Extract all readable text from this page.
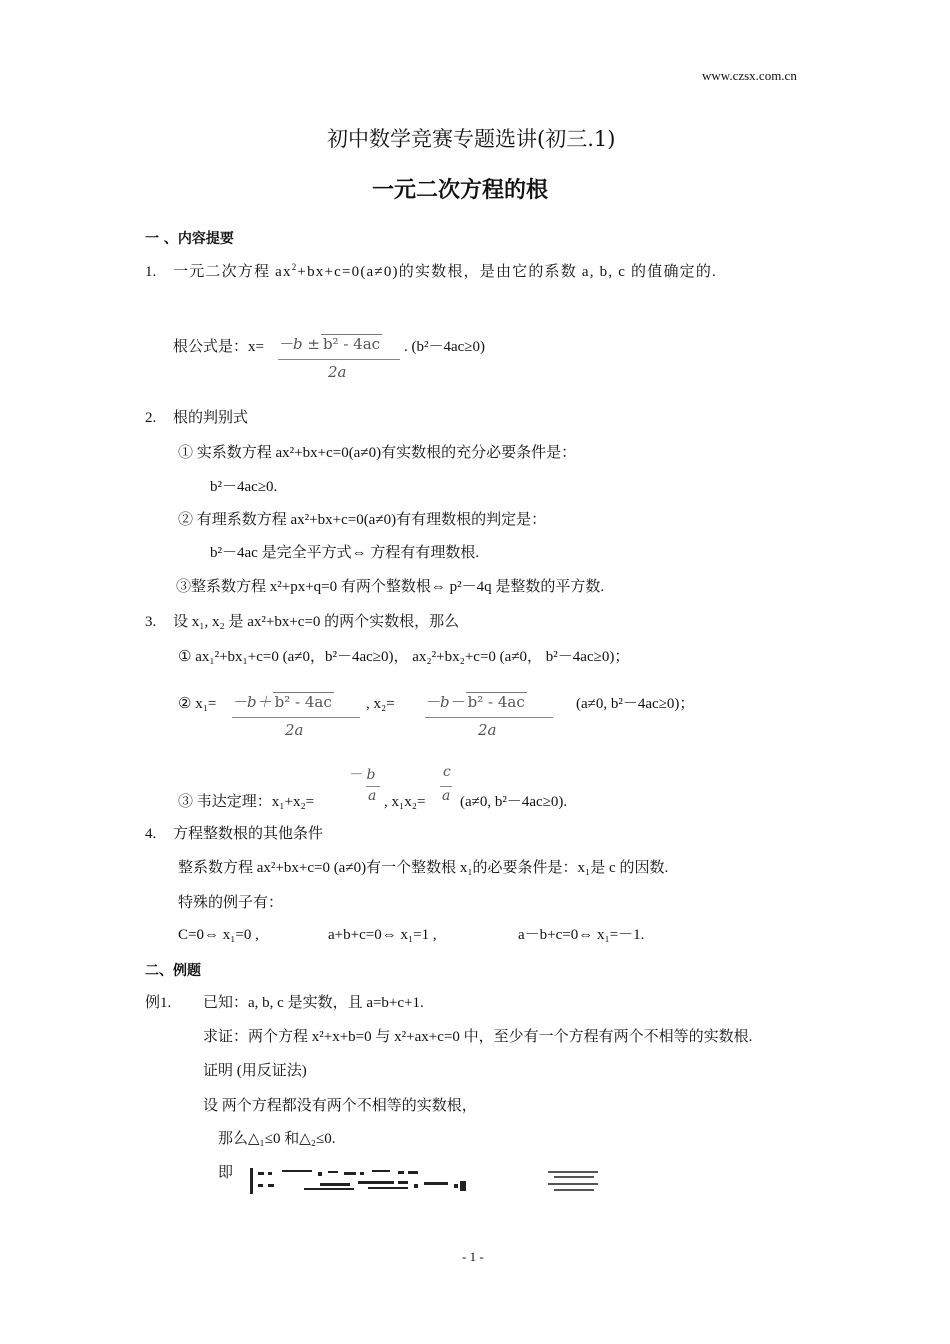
www.czsx.com.cn
初中数学竞赛专题选讲(初三.1)
一元二次方程的根
一 、内容提要
1. 一元二次方程 $ax^2+bx+c=0(a\ne 0)$的实数根，是由它的系数 a, b, c 的值确定的.
根公式是：x= －b ± b² - 4ac
2a
. (b²－4ac≥0)
2. 根的判别式
① 实系数方程 ax²+bx+c=0(a≠0)有实数根的充分必要条件是：
b²－4ac≥0.
② 有理系数方程 ax²+bx+c=0(a≠0)有有理数根的判定是：
b²－4ac 是完全平方式⇔ 方程有有理数根.
③整系数方程 x²+px+q=0 有两个整数根⇔ p²－4q 是整数的平方数.
3. 设 x₁, x₂ 是 ax²+bx+c=0 的两个实数根，那么
① ax₁²+bx₁+c=0 (a≠0，b²－4ac≥0)， ax₂²+bx₂+c=0 (a≠0， b²－4ac≥0)；
② x₁= －b＋ b² - 4ac
2a
, x₂= －b－ b² - 4ac
2a
(a≠0, b²－4ac≥0)；
－ b
a
c
a
③ 韦达定理：x₁+x₂=	, x₁x₂= (a≠0, b²－4ac≥0).
4. 方程整数根的其他条件
整系数方程 ax²+bx+c=0 (a≠0)有一个整数根 x₁的必要条件是：x₁是 c 的因数.
特殊的例子有：
C=0⇔ x₁=0 ,	a+b+c=0⇔ x₁=1 ,	a－b+c=0⇔ x₁=－1.
二、例题
例1. 已知：a, b, c 是实数，且 a=b+c+1.
求证：两个方程 x²+x+b=0 与 x²+ax+c=0 中，至少有一个方程有两个不相等的实数根.
证明 (用反证法)
设 两个方程都没有两个不相等的实数根，
那么△₁≤0 和△₂≤0.
即
- 1 -
